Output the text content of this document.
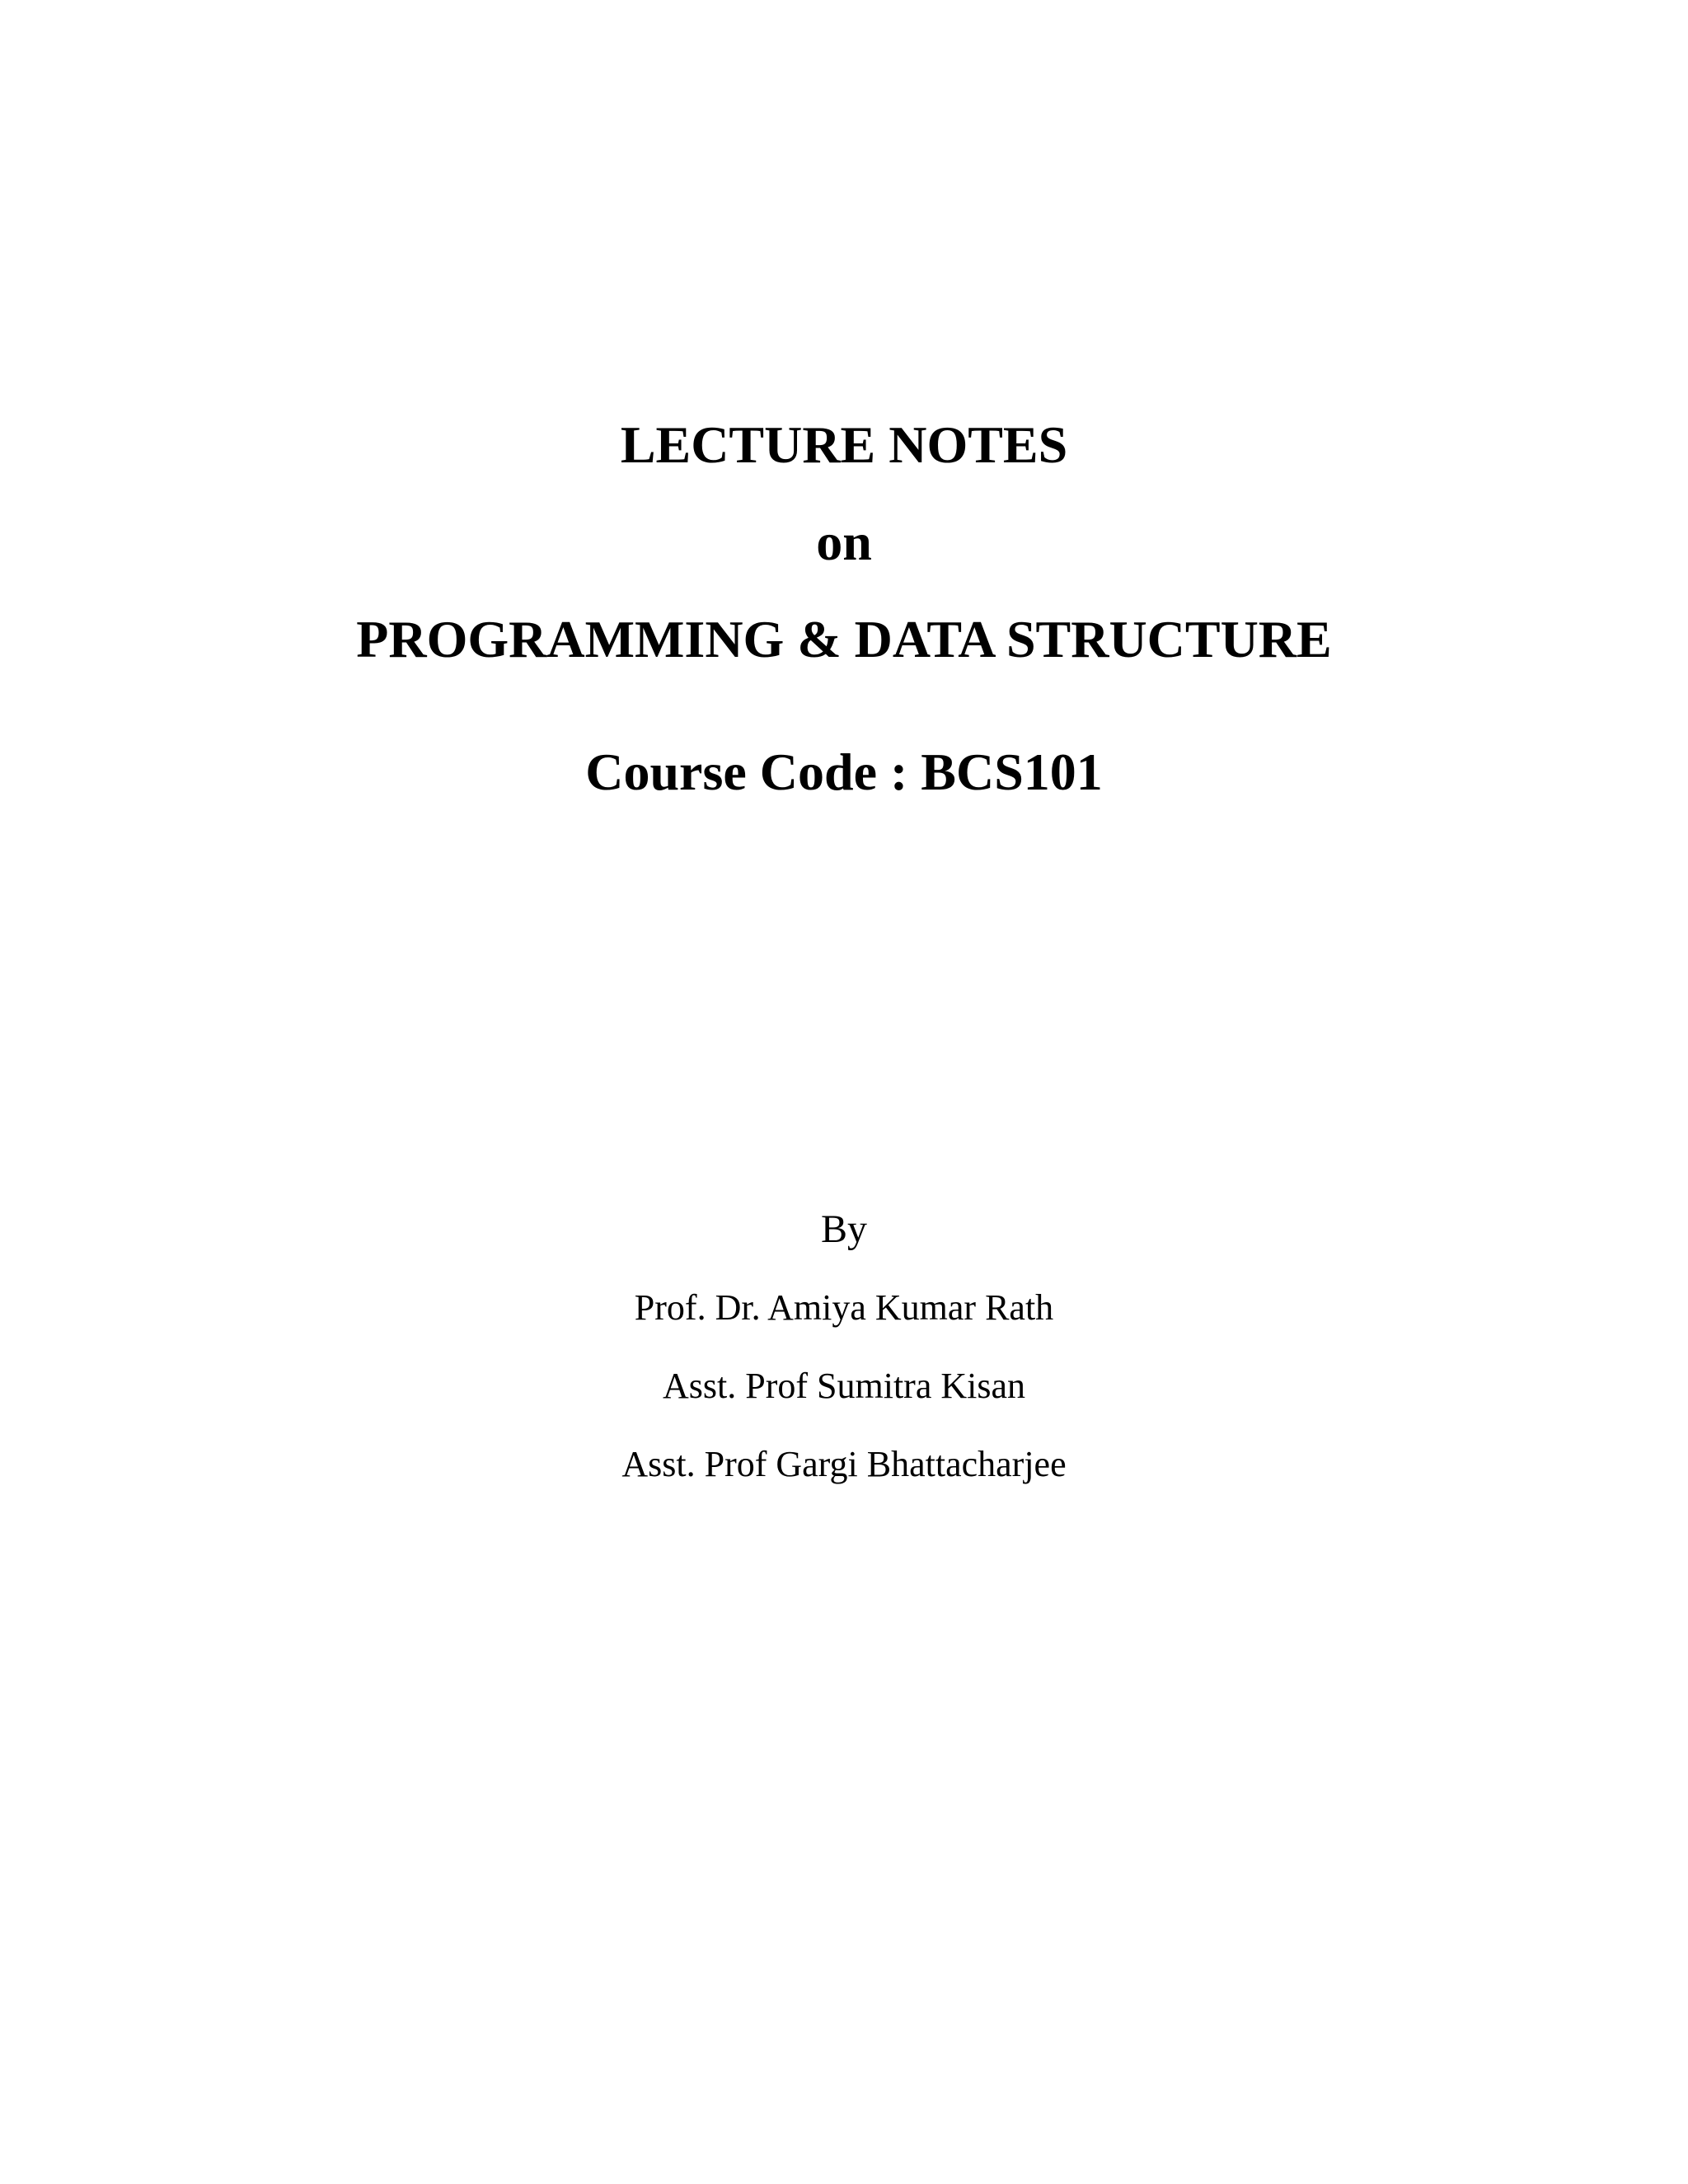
LECTURE NOTES
on
PROGRAMMING & DATA STRUCTURE
Course Code : BCS101
By
Prof. Dr. Amiya Kumar Rath
Asst. Prof Sumitra Kisan
Asst. Prof Gargi Bhattacharjee
